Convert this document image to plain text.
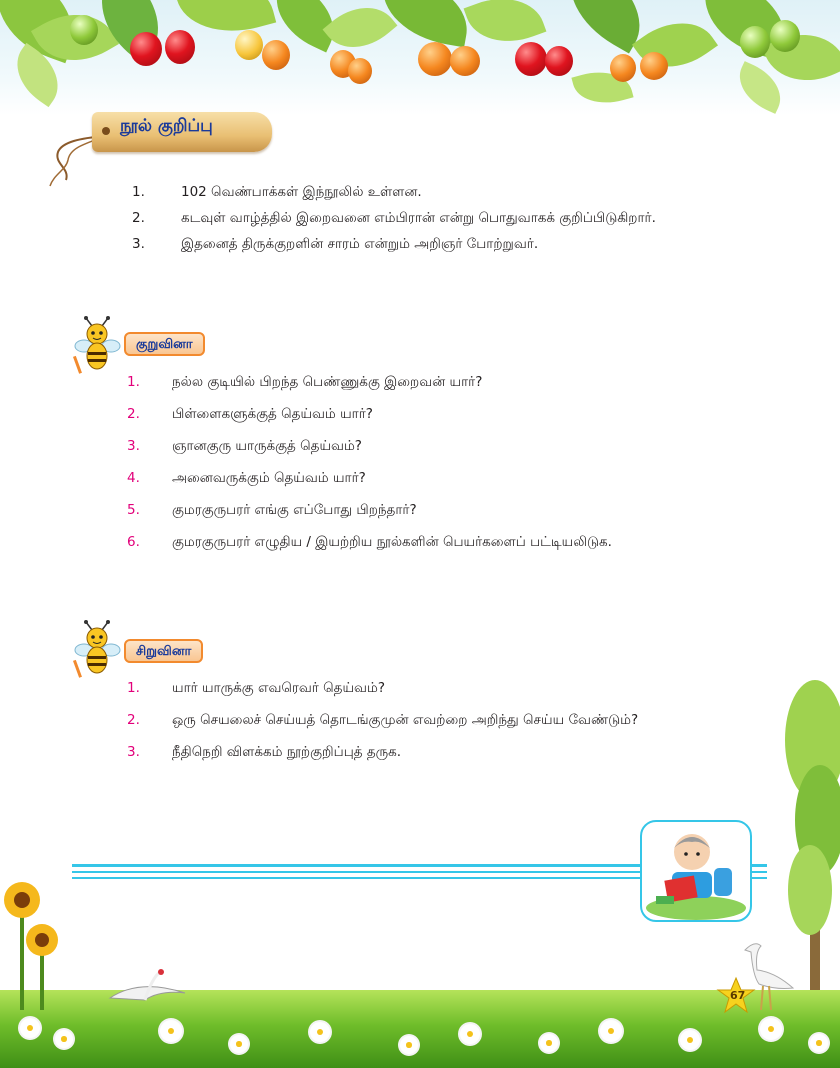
நூல் குறிப்பு
1.	102 வெண்பாக்கள் இந்நூலில் உள்ளன.
2.	கடவுள் வாழ்த்தில் இறைவனை எம்பிரான் என்று பொதுவாகக் குறிப்பிடுகிறார்.
3.	இதனைத் திருக்குறளின் சாரம் என்றும் அறிஞர் போற்றுவர்.
குறுவினா
1. நல்ல குடியில் பிறந்த பெண்ணுக்கு இறைவன் யார்?
2. பிள்ளைகளுக்குத் தெய்வம் யார்?
3. ஞானகுரு யாருக்குத் தெய்வம்?
4. அனைவருக்கும் தெய்வம் யார்?
5. குமரகுருபரர் எங்கு எப்போது பிறந்தார்?
6. குமரகுருபரர் எழுதிய / இயற்றிய நூல்களின் பெயர்களைப் பட்டியலிடுக.
சிறுவினா
1. யார் யாருக்கு எவரெவர் தெய்வம்?
2. ஒரு செயலைச் செய்யத் தொடங்குமுன் எவற்றை அறிந்து செய்ய வேண்டும்?
3. நீதிநெறி விளக்கம் நூற்குறிப்புத் தருக.
67
